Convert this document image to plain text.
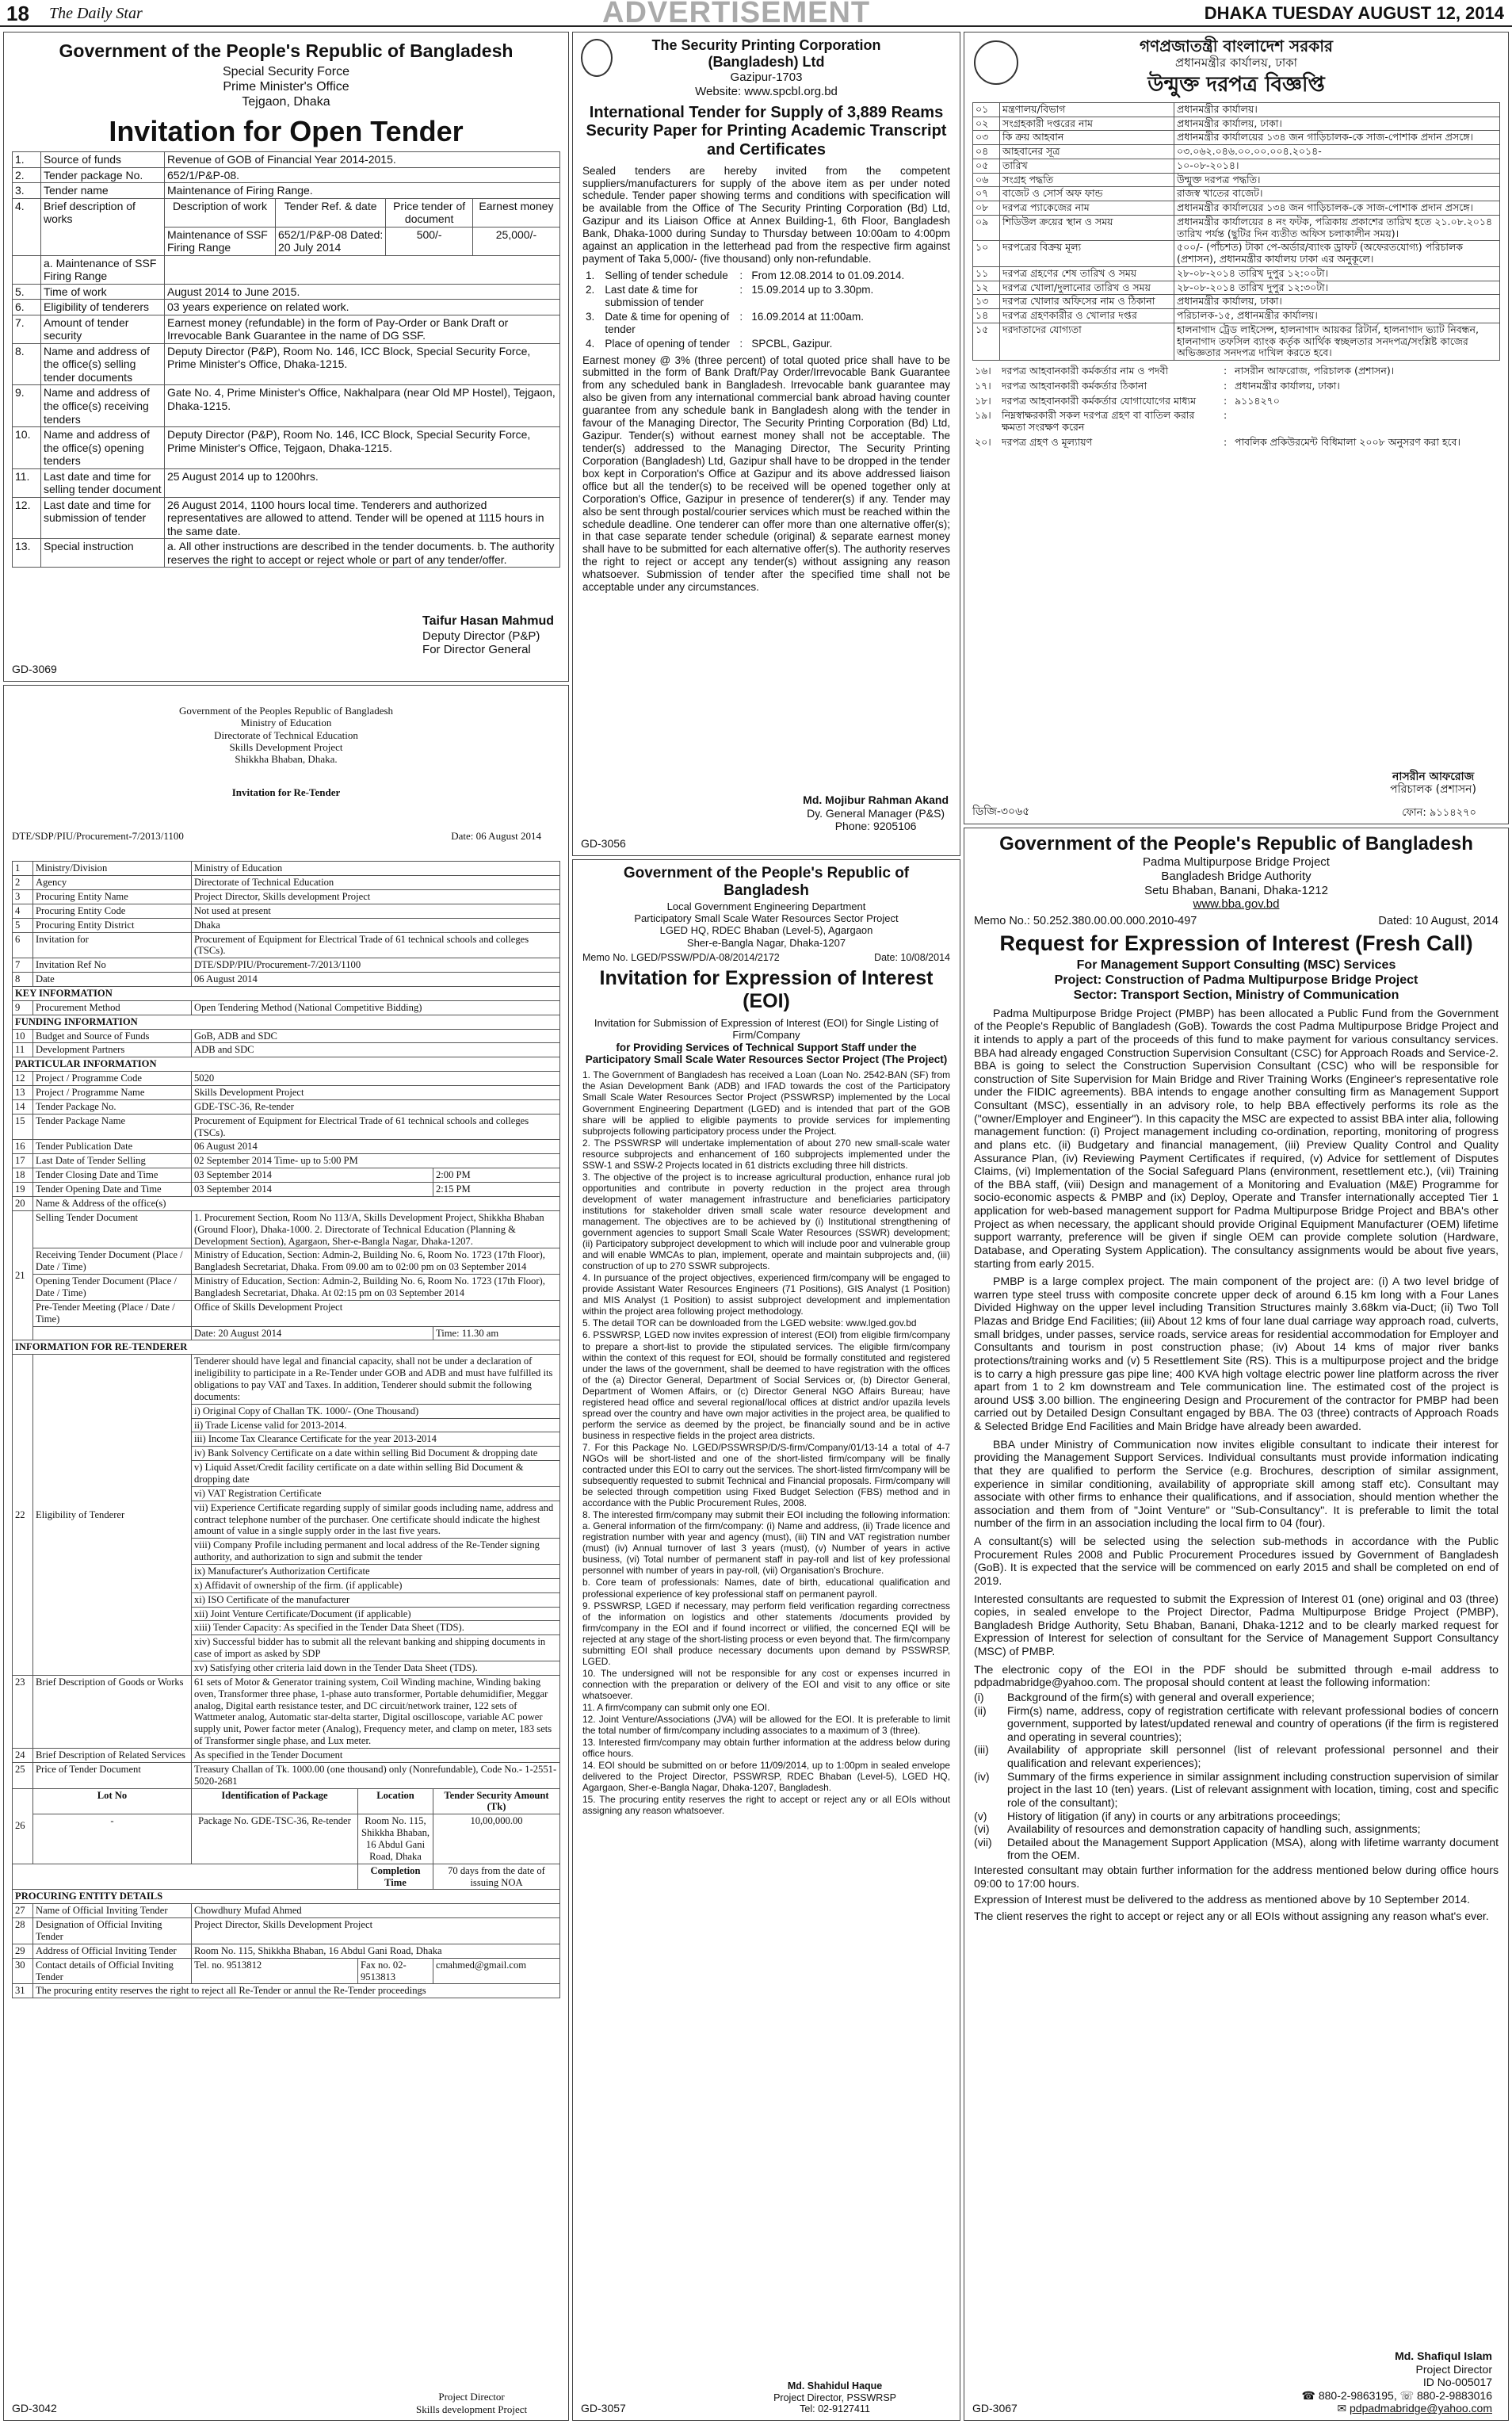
18 The Daily Star	ADVERTISEMENT	DHAKA TUESDAY AUGUST 12, 2014
Government of the People's Republic of Bangladesh
Special Security Force
Prime Minister's Office
Tejgaon, Dhaka
Invitation for Open Tender
1.	Source of funds	Revenue of GOB of Financial Year 2014-2015.
2.	Tender package No.	652/1/P&P-08.
3.	Tender name	Maintenance of Firing Range.
4.	Brief description of works	
Description of work	Tender Ref. & date	Price tender of document	Earnest money
Maintenance of SSF Firing Range	652/1/P&P-08 Dated: 20 July 2014	500/-	25,000/-

	a. Maintenance of SSF Firing Range	
5.	Time of work	August 2014 to June 2015.
6.	Eligibility of tenderers	03 years experience on related work.
7.	Amount of tender security	Earnest money (refundable) in the form of Pay-Order or Bank Draft or Irrevocable Bank Guarantee in the name of DG SSF.
8.	Name and address of the office(s) selling tender documents	Deputy Director (P&P), Room No. 146, ICC Block, Special Security Force, Prime Minister's Office, Dhaka-1215.
9.	Name and address of the office(s) receiving tenders	Gate No. 4, Prime Minister's Office, Nakhalpara (near Old MP Hostel), Tejgaon, Dhaka-1215.
10.	Name and address of the office(s) opening tenders	Deputy Director (P&P), Room No. 146, ICC Block, Special Security Force, Prime Minister's Office, Tejgaon, Dhaka-1215.
11.	Last date and time for selling tender document	25 August 2014 up to 1200hrs.
12.	Last date and time for submission of tender	26 August 2014, 1100 hours local time. Tenderers and authorized representatives are allowed to attend. Tender will be opened at 1115 hours in the same date.
13.	Special instruction	a. All other instructions are described in the tender documents. b. The authority reserves the right to accept or reject whole or part of any tender/offer.
Taifur Hasan Mahmud
Deputy Director (P&P)
For Director General
GD-3069
The Security Printing Corporation (Bangladesh) Ltd
Gazipur-1703
Website: www.spcbl.org.bd
International Tender for Supply of 3,889 Reams Security Paper for Printing Academic Transcript and Certificates

Sealed tenders are hereby invited from the competent suppliers/manufacturers for supply of the above item as per under noted schedule. Tender paper showing terms and conditions with specification will be available from the Office of The Security Printing Corporation (Bd) Ltd, Gazipur and its Liaison Office at Annex Building-1, 6th Floor, Bangladesh Bank, Dhaka-1000 during Sunday to Thursday between 10:00am to 4:00pm against an application in the letterhead pad from the respective firm against payment of Taka 5,000/- (five thousand) only non-refundable.

1.	Selling of tender schedule	:	From 12.08.2014 to 01.09.2014.
2.	Last date & time for submission of tender	:	15.09.2014 up to 3.30pm.
3.	Date & time for opening of tender	:	16.09.2014 at 11:00am.
4.	Place of opening of tender	:	SPCBL, Gazipur.

Earnest money @ 3% (three percent) of total quoted price shall have to be submitted in the form of Bank Draft/Pay Order/Irrevocable Bank Guarantee from any scheduled bank in Bangladesh. Irrevocable bank guarantee may also be given from any international commercial bank abroad having counter guarantee from any schedule bank in Bangladesh along with the tender in favour of the Managing Director, The Security Printing Corporation (Bd) Ltd, Gazipur. Tender(s) without earnest money shall not be acceptable. The tender(s) addressed to the Managing Director, The Security Printing Corporation (Bangladesh) Ltd, Gazipur shall have to be dropped in the tender box kept in Corporation's Office at Gazipur and its above addressed liaison office but all the tender(s) to be received will be opened together only at Corporation's Office, Gazipur in presence of tenderer(s) if any. Tender may also be sent through postal/courier services which must be reached within the schedule deadline. One tenderer can offer more than one alternative offer(s); in that case separate tender schedule (original) & separate earnest money shall have to be submitted for each alternative offer(s). The authority reserves the right to reject or accept any tender(s) without assigning any reason whatsoever. Submission of tender after the specified time shall not be acceptable under any circumstances.

Md. Mojibur Rahman Akand
Dy. General Manager (P&S)
Phone: 9205106
GD-3056
গণপ্রজাতন্ত্রী বাংলাদেশ সরকার
প্রধানমন্ত্রীর কার্যালয়, ঢাকা
উন্মুক্ত দরপত্র বিজ্ঞপ্তি
০১	মন্ত্রণালয়/বিভাগ	প্রধানমন্ত্রীর কার্যালয়।
০২	সংগ্রহকারী দপ্তরের নাম	প্রধানমন্ত্রীর কার্যালয়, ঢাকা।
০৩	কি ক্রয় আহবান	প্রধানমন্ত্রীর কার্যালয়ের ১৩৪ জন গাড়িচালক-কে সাজ-পোশাক প্রদান প্রসঙ্গে।
০৪	আহবানের সূত্র	০৩.০৬২.০৪৬.০০.০০.০০৪.২০১৪-
০৫	তারিখ	১০-০৮-২০১৪।
০৬	সংগ্রহ পদ্ধতি	উন্মুক্ত দরপত্র পদ্ধতি।
০৭	বাজেট ও সোর্স অফ ফান্ড	রাজস্ব খাতের বাজেট।
০৮	দরপত্র প্যাকেজের নাম	প্রধানমন্ত্রীর কার্যালয়ের ১৩৪ জন গাড়িচালক-কে সাজ-পোশাক প্রদান প্রসঙ্গে।
০৯	শিডিউল ক্রয়ের স্থান ও সময়	প্রধানমন্ত্রীর কার্যালয়ের ৪ নং ফটক, পত্রিকায় প্রকাশের তারিখ হতে ২১.০৮.২০১৪ তারিখ পর্যন্ত (ছুটির দিন ব্যতীত অফিস চলাকালীন সময়)।
১০	দরপত্রের বিক্রয় মূল্য	৫০০/- (পাঁচশত) টাকা পে-অর্ডার/ব্যাংক ড্রাফট (অফেরতযোগ্য) পরিচালক (প্রশাসন), প্রধানমন্ত্রীর কার্যালয় ঢাকা এর অনুকূলে।
১১	দরপত্র গ্রহণের শেষ তারিখ ও সময়	২৮-০৮-২০১৪ তারিখ দুপুর ১২:০০টা।
১২	দরপত্র খোলা/দুলানোর তারিখ ও সময়	২৮-০৮-২০১৪ তারিখ দুপুর ১২:৩০টা।
১৩	দরপত্র খোলার অফিসের নাম ও ঠিকানা	প্রধানমন্ত্রীর কার্যালয়, ঢাকা।
১৪	দরপত্র গ্রহণকারীর ও খোলার দপ্তর	পরিচালক-১৫, প্রধানমন্ত্রীর কার্যালয়।
১৫	দরদাতাদের যোগ্যতা	হালনাগাদ ট্রেড লাইসেন্স, হালনাগাদ আয়কর রিটার্ন, হালনাগাদ ভ্যাট নিবন্ধন, হালনাগাদ তফসিল ব্যাংক কর্তৃক আর্থিক স্বচ্ছলতার সনদপত্র/সংশ্লিষ্ট কাজের অভিজ্ঞতার সনদপত্র দাখিল করতে হবে।
১৬।	দরপত্র আহবানকারী কর্মকর্তার নাম ও পদবী	:	নাসরীন আফরোজ, পরিচালক (প্রশাসন)।
১৭।	দরপত্র আহবানকারী কর্মকর্তার ঠিকানা	:	প্রধানমন্ত্রীর কার্যালয়, ঢাকা।
১৮।	দরপত্র আহবানকারী কর্মকর্তার যোগাযোগের মাধ্যম	:	৯১১৪২৭০
১৯।	নিম্নস্বাক্ষরকারী সকল দরপত্র গ্রহণ বা বাতিল করার ক্ষমতা সংরক্ষণ করেন	:	
২০।	দরপত্র গ্রহণ ও মূল্যায়ণ	:	পাবলিক প্রকিউরমেন্ট বিধিমালা ২০০৮ অনুসরণ করা হবে।
নাসরীন আফরোজ
পরিচালক (প্রশাসন)
ফোন: ৯১১৪২৭০
ডিজি-৩০৬৫
Government of the Peoples Republic of Bangladesh
Ministry of Education
Directorate of Technical Education
Skills Development Project
Shikkha Bhaban, Dhaka.
Invitation for Re-Tender
DTE/SDP/PIU/Procurement-7/2013/1100	Date: 06 August 2014
1	Ministry/Division	Ministry of Education		
2	Agency	Directorate of Technical Education		
3	Procuring Entity Name	Project Director, Skills development Project		
4	Procuring Entity Code	Not used at present		
5	Procuring Entity District	Dhaka		
6	Invitation for	Procurement of Equipment for Electrical Trade of 61 technical schools and colleges (TSCs).		
7	Invitation Ref No	DTE/SDP/PIU/Procurement-7/2013/1100		
8	Date	06 August 2014		
KEY INFORMATION				
9	Procurement Method	Open Tendering Method (National Competitive Bidding)		
FUNDING INFORMATION				
10	Budget and Source of Funds	GoB, ADB and SDC		
11	Development Partners	ADB and SDC		
PARTICULAR INFORMATION				
12	Project / Programme Code	5020		
13	Project / Programme Name	Skills Development Project		
14	Tender Package No.	GDE-TSC-36, Re-tender		
15	Tender Package Name	Procurement of Equipment for Electrical Trade of 61 technical schools and colleges (TSCs).		
16	Tender Publication Date	06 August 2014		
17	Last Date of Tender Selling	02 September 2014 Time- up to 5:00 PM		
18	Tender Closing Date and Time	03 September 2014		2:00 PM
19	Tender Opening Date and Time	03 September 2014		2:15 PM
20	Name & Address of the office(s)			
21	Selling Tender Document	1. Procurement Section, Room No 113/A, Skills Development Project, Shikkha Bhaban (Ground Floor), Dhaka-1000. 2. Directorate of Technical Education (Planning & Development Section), Agargaon, Sher-e-Bangla Nagar, Dhaka-1207.		
	Receiving Tender Document (Place / Date / Time)	Ministry of Education, Section: Admin-2, Building No. 6, Room No. 1723 (17th Floor), Bangladesh Secretariat, Dhaka. From 09.00 am to 02:00 pm on 03 September 2014		
	Opening Tender Document (Place / Date / Time)	Ministry of Education, Section: Admin-2, Building No. 6, Room No. 1723 (17th Floor), Bangladesh Secretariat, Dhaka. At 02:15 pm on 03 September 2014		
	Pre-Tender Meeting (Place / Date / Time)	Office of Skills Development Project		
		Date: 20 August 2014		Time: 11.30 am
INFORMATION FOR RE-TENDERER				
22	Eligibility of Tenderer	Tenderer should have legal and financial capacity, shall not be under a declaration of ineligibility to participate in a Re-Tender under GOB and ADB and must have fulfilled its obligations to pay VAT and Taxes. In addition, Tenderer should submit the following documents:		
		i) Original Copy of Challan TK. 1000/- (One Thousand)		
		ii) Trade License valid for 2013-2014.		
		iii) Income Tax Clearance Certificate for the year 2013-2014		
		iv) Bank Solvency Certificate on a date within selling Bid Document & dropping date		
		v) Liquid Asset/Credit facility certificate on a date within selling Bid Document & dropping date		
		vi) VAT Registration Certificate		
		vii) Experience Certificate regarding supply of similar goods including name, address and contract telephone number of the purchaser. One certificate should indicate the highest amount of value in a single supply order in the last five years.		
		viii) Company Profile including permanent and local address of the Re-Tender signing authority, and authorization to sign and submit the tender		
		ix) Manufacturer's Authorization Certificate		
		x) Affidavit of ownership of the firm. (if applicable)		
		xi) ISO Certificate of the manufacturer		
		xii) Joint Venture Certificate/Document (if applicable)		
		xiii) Tender Capacity: As specified in the Tender Data Sheet (TDS).		
		xiv) Successful bidder has to submit all the relevant banking and shipping documents in case of import as asked by SDP		
		xv) Satisfying other criteria laid down in the Tender Data Sheet (TDS).		
23	Brief Description of Goods or Works	61 sets of Motor & Generator training system, Coil Winding machine, Winding baking oven, Transformer three phase, 1-phase auto transformer, Portable dehumidifier, Meggar analog, Digital earth resistance tester, and DC circuit/network trainer, 122 sets of Wattmeter analog, Automatic star-delta starter, Digital oscilloscope, variable AC power supply unit, Power factor meter (Analog), Frequency meter, and clamp on meter, 183 sets of Transformer single phase, and Lux meter.		
24	Brief Description of Related Services	As specified in the Tender Document		
25	Price of Tender Document	Treasury Challan of Tk. 1000.00 (one thousand) only (Nonrefundable), Code No.- 1-2551-5020-2681		
26	Lot No	Identification of Package	Location	Tender Security Amount (Tk)
	-	Package No. GDE-TSC-36, Re-tender	Room No. 115, Shikkha Bhaban, 16 Abdul Gani Road, Dhaka	10,00,000.00
			Completion Time	70 days from the date of issuing NOA
PROCURING ENTITY DETAILS				
27	Name of Official Inviting Tender	Chowdhury Mufad Ahmed		
28	Designation of Official Inviting Tender	Project Director, Skills Development Project		
29	Address of Official Inviting Tender	Room No. 115, Shikkha Bhaban, 16 Abdul Gani Road, Dhaka		
30	Contact details of Official Inviting Tender	Tel. no. 9513812	Fax no. 02-9513813	cmahmed@gmail.com
31	The procuring entity reserves the right to reject all Re-Tender or annul the Re-Tender proceedings			
Project Director
Skills development Project
GD-3042
Government of the People's Republic of Bangladesh
Local Government Engineering Department
Participatory Small Scale Water Resources Sector Project
LGED HQ, RDEC Bhaban (Level-5), Agargaon
Sher-e-Bangla Nagar, Dhaka-1207
Memo No. LGED/PSSW/PD/A-08/2014/2172	Date: 10/08/2014
Invitation for Expression of Interest (EOI)
Invitation for Submission of Expression of Interest (EOI) for Single Listing of Firm/Company
for Providing Services of Technical Support Staff under the Participatory Small Scale Water Resources Sector Project (The Project)

1. The Government of Bangladesh has received a Loan (Loan No. 2542-BAN (SF) from the Asian Development Bank (ADB) and IFAD towards the cost of the Participatory Small Scale Water Resources Sector Project (PSSWRSP) implemented by the Local Government Engineering Department (LGED) and is intended that part of the GOB share will be applied to eligible payments to provide services for implementing subprojects following participatory process under the Project.

2. The PSSWRSP will undertake implementation of about 270 new small-scale water resource subprojects and enhancement of 160 subprojects implemented under the SSW-1 and SSW-2 Projects located in 61 districts excluding three hill districts.

3. The objective of the project is to increase agricultural production, enhance rural job opportunities and contribute in poverty reduction in the project area through development of water management infrastructure and beneficiaries participatory institutions for stakeholder driven small scale water resource development and management. The objectives are to be achieved by (i) Institutional strengthening of government agencies to support Small Scale Water Resources (SSWR) development; (ii) Participatory subproject development to which will include poor and vulnerable group and will enable WMCAs to plan, implement, operate and maintain subprojects and, (iii) construction of up to 270 SSWR subprojects.

4. In pursuance of the project objectives, experienced firm/company will be engaged to provide Assistant Water Resources Engineers (71 Positions), GIS Analyst (1 Position) and MIS Analyst (1 Position) to assist subproject development and implementation within the project area following project methodology.

5. The detail TOR can be downloaded from the LGED website: www.lged.gov.bd

6. PSSWRSP, LGED now invites expression of interest (EOI) from eligible firm/company to prepare a short-list to provide the stipulated services. The eligible firm/company within the context of this request for EOI, should be formally constituted and registered under the laws of the government, shall be deemed to have registration with the offices of the (a) Director General, Department of Social Services or, (b) Director General, Department of Women Affairs, or (c) Director General NGO Affairs Bureau; have registered head office and several regional/local offices at district and/or upazila levels spread over the country and have own major activities in the project area, be qualified to perform the service as deemed by the project, be financially sound and be in active business in respective fields in the project area districts.

7. For this Package No. LGED/PSSWRSP/D/S-firm/Company/01/13-14 a total of 4-7 NGOs will be short-listed and one of the short-listed firm/company will be finally contracted under this EOI to carry out the services. The short-listed firm/company will be subsequently requested to submit Technical and Financial proposals. Firm/company will be selected through competition using Fixed Budget Selection (FBS) method and in accordance with the Public Procurement Rules, 2008.

8. The interested firm/company may submit their EOI including the following information: a. General information of the firm/company: (i) Name and address, (ii) Trade licence and registration number with year and agency (must), (iii) TIN and VAT registration number (must) (iv) Annual turnover of last 3 years (must), (v) Number of years in active business, (vi) Total number of permanent staff in pay-roll and list of key professional personnel with number of years in pay-roll, (vii) Organisation's Brochure.

b. Core team of professionals: Names, date of birth, educational qualification and professional experience of key professional staff on permanent payroll.

9. PSSWRSP, LGED if necessary, may perform field verification regarding correctness of the information on logistics and other statements /documents provided by firm/company in the EOI and if found incorrect or vilified, the concerned EQI will be rejected at any stage of the short-listing process or even beyond that. The firm/company submitting EOI shall produce necessary documents upon demand by PSSWRSP, LGED.

10. The undersigned will not be responsible for any cost or expenses incurred in connection with the preparation or delivery of the EOI and visit to any office or site whatsoever.

11. A firm/company can submit only one EOI.

12. Joint Venture/Associations (JVA) will be allowed for the EOI. It is preferable to limit the total number of firm/company including associates to a maximum of 3 (three).

13. Interested firm/company may obtain further information at the address below during office hours.

14. EOI should be submitted on or before 11/09/2014, up to 1:00pm in sealed envelope delivered to the Project Director, PSSWRSP, RDEC Bhaban (Level-5), LGED HQ, Agargaon, Sher-e-Bangla Nagar, Dhaka-1207, Bangladesh.

15. The procuring entity reserves the right to accept or reject any or all EOIs without assigning any reason whatsoever.

Md. Shahidul Haque
Project Director, PSSWRSP
Tel: 02-9127411
GD-3057
Government of the People's Republic of Bangladesh
Padma Multipurpose Bridge Project
Bangladesh Bridge Authority
Setu Bhaban, Banani, Dhaka-1212
www.bba.gov.bd
Memo No.: 50.252.380.00.00.000.2010-497	Dated: 10 August, 2014
Request for Expression of Interest (Fresh Call)
For Management Support Consulting (MSC) Services
Project: Construction of Padma Multipurpose Bridge Project
Sector: Transport Section, Ministry of Communication

Padma Multipurpose Bridge Project (PMBP) has been allocated a Public Fund from the Government of the People's Republic of Bangladesh (GoB). Towards the cost Padma Multipurpose Bridge Project and it intends to apply a part of the proceeds of this fund to make payment for various consultancy services. BBA had already engaged Construction Supervision Consultant (CSC) for Approach Roads and Service-2. BBA is going to select the Construction Supervision Consultant (CSC) who will be responsible for construction of Site Supervision for Main Bridge and River Training Works (Engineer's representative role under the FIDIC agreements). BBA intends to engage another consulting firm as Management Support Consultant (MSC), essentially in an advisory role, to help BBA effectively performs its role as the ("owner/Employer and Engineer"). In this capacity the MSC are expected to assist BBA inter alia, following management function: (i) Project management including co-ordination, reporting, monitoring of progress and plans etc. (ii) Budgetary and financial management, (iii) Preview Quality Control and Quality Assurance Plan, (iv) Reviewing Payment Certificates if required, (v) Advice for settlement of Disputes Claims, (vi) Implementation of the Social Safeguard Plans (environment, resettlement etc.), (vii) Training of the BBA staff, (viii) Design and management of a Monitoring and Evaluation (M&E) Programme for socio-economic aspects & PMBP and (ix) Deploy, Operate and Transfer internationally accepted Tier 1 application for web-based management support for Padma Multipurpose Bridge Project and BBA's other Project as when necessary, the applicant should provide Original Equipment Manufacturer (OEM) lifetime support warranty, preference will be given if single OEM can provide complete solution (Hardware, Database, and Operating System Application). The consultancy assignments would be about five years, starting from early 2015.

PMBP is a large complex project. The main component of the project are: (i) A two level bridge of warren type steel truss with composite concrete upper deck of around 6.15 km long with a Four Lanes Divided Highway on the upper level including Transition Structures mainly 3.68km via-Duct; (ii) Two Toll Plazas and Bridge End Facilities; (iii) About 12 kms of four lane dual carriage way approach road, culverts, small bridges, under passes, service roads, service areas for residential accommodation for Employer and Consultants and tourism in post construction phase; (iv) About 14 kms of major river banks protections/training works and (v) 5 Resettlement Site (RS). This is a multipurpose project and the bridge is to carry a high pressure gas pipe line; 400 KVA high voltage electric power line platform across the river apart from 1 to 2 km downstream and Tele communication line. The estimated cost of the project is around US$ 3.00 billion. The engineering Design and Procurement of the contractor for PMBP had been carried out by Detailed Design Consultant engaged by BBA. The 03 (three) contracts of Approach Roads & Selected Bridge End Facilities and Main Bridge have already been awarded.

BBA under Ministry of Communication now invites eligible consultant to indicate their interest for providing the Management Support Services. Individual consultants must provide information indicating that they are qualified to perform the Service (e.g. Brochures, description of similar assignment, experience in similar conditioning, availability of appropriate skill among staff etc). Consultant may associate with other firms to enhance their qualifications, and if association, should mention whether the association and them from of "Joint Venture" or "Sub-Consultancy". It is preferable to limit the total number of the firm in an association including the local firm to 04 (four).

A consultant(s) will be selected using the selection sub-methods in accordance with the Public Procurement Rules 2008 and Public Procurement Procedures issued by Government of Bangladesh (GoB). It is expected that the service will be commenced on early 2015 and shall be completed on end of 2019.

Interested consultants are requested to submit the Expression of Interest 01 (one) original and 03 (three) copies, in sealed envelope to the Project Director, Padma Multipurpose Bridge Project (PMBP), Bangladesh Bridge Authority, Setu Bhaban, Banani, Dhaka-1212 and to be clearly marked request for Expression of Interest for selection of consultant for the Service of Management Support Consultancy (MSC) of PMBP.

The electronic copy of the EOI in the PDF should be submitted through e-mail address to pdpadmabridge@yahoo.com. The proposal should content at least the following information:

(i)	Background of the firm(s) with general and overall experience;
(ii)	Firm(s) name, address, copy of registration certificate with relevant professional bodies of concern government, supported by latest/updated renewal and country of operations (if the firm is registered and operating in several countries);
(iii)	Availability of appropriate skill personnel (list of relevant professional personnel and their qualification and relevant experiences);
(iv)	Summary of the firms experience in similar assignment including construction supervision of similar project in the last 10 (ten) years. (List of relevant assignment with location, timing, cost and specific role of the consultant);
(v)	History of litigation (if any) in courts or any arbitrations proceedings;
(vi)	Availability of resources and demonstration capacity of handling such, assignments;
(vii)	Detailed about the Management Support Application (MSA), along with lifetime warranty document from the OEM.

Interested consultant may obtain further information for the address mentioned below during office hours 09:00 to 17:00 hours.

Expression of Interest must be delivered to the address as mentioned above by 10 September 2014.

The client reserves the right to accept or reject any or all EOIs without assigning any reason what's ever.

Md. Shafiqul Islam
Project Director
ID No-005017
☎ 880-2-9863195, ☏ 880-2-9883016
✉ pdpadmabridge@yahoo.com
GD-3067
